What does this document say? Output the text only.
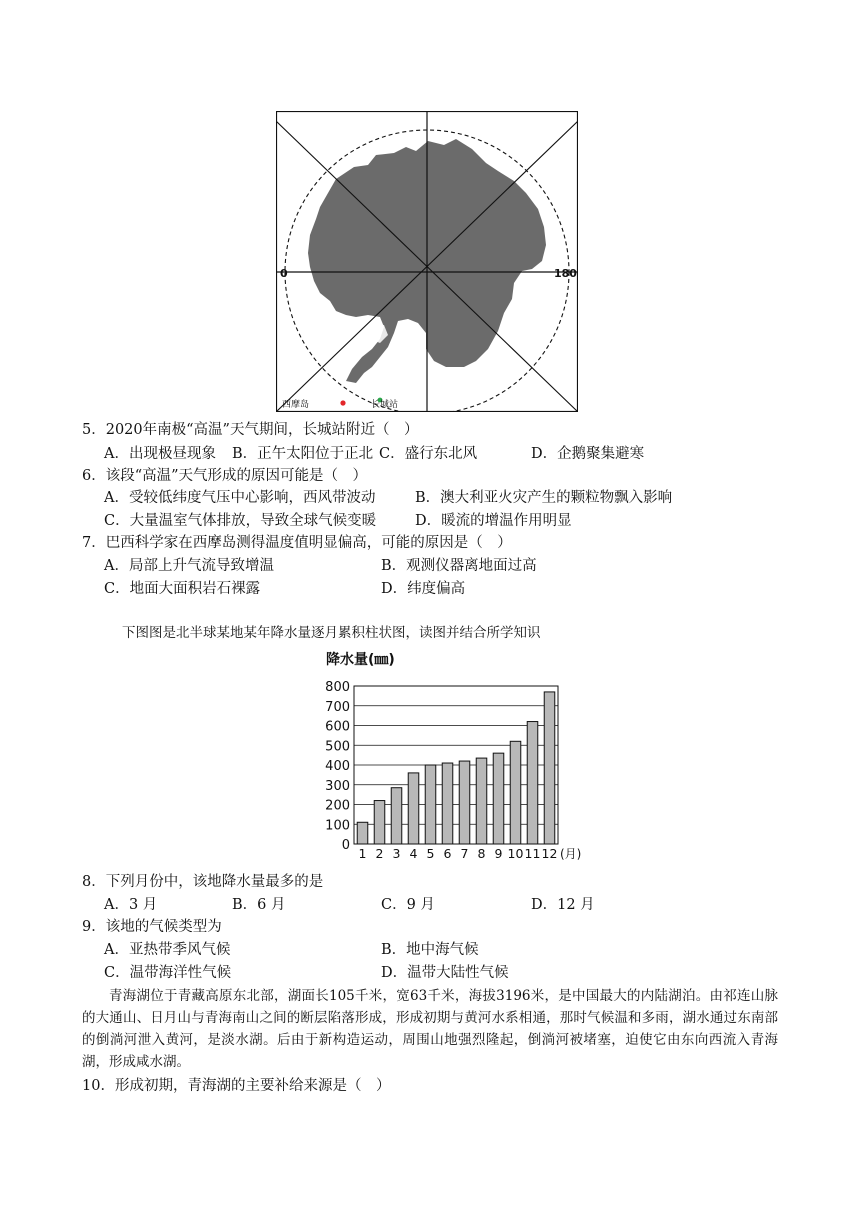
0	180
极 半 岛
南
西摩岛	长城站
5．2020年南极“高温”天气期间，长城站附近（　）
A．出现极昼现象 B．正午太阳位于正北 C．盛行东北风	D．企鹅聚集避寒
6．该段“高温”天气形成的原因可能是（　）
A．受较低纬度气压中心影响，西风带波动	B．澳大利亚火灾产生的颗粒物飘入影响
C．大量温室气体排放，导致全球气候变暖	D．暖流的增温作用明显
7．巴西科学家在西摩岛测得温度值明显偏高，可能的原因是（　）
A．局部上升气流导致增温	B．观测仪器离地面过高
C．地面大面积岩石裸露	D．纬度偏高
下图图是北半球某地某年降水量逐月累积柱状图，读图并结合所学知识
降水量(㎜)
800
700
600
500
400
300
200
100
0
1 2 3 4 5 6 7 8 9 10 11 12 (月)
8．下列月份中，该地降水量最多的是
A．3 月	B．6 月	C．9 月	D．12 月
9．该地的气候类型为
A．亚热带季风气候	B．地中海气候
C．温带海洋性气候	D．温带大陆性气候
青海湖位于青藏高原东北部，湖面长105千米，宽63千米，海拔3196米，是中国最大的内陆湖泊。由祁连山脉的大通山、日月山与青海南山之间的断层陷落形成，形成初期与黄河水系相通，那时气候温和多雨，湖水通过东南部的倒淌河泄入黄河，是淡水湖。后由于新构造运动，周围山地强烈隆起，倒淌河被堵塞，迫使它由东向西流入青海湖，形成咸水湖。
10．形成初期，青海湖的主要补给来源是（　）
